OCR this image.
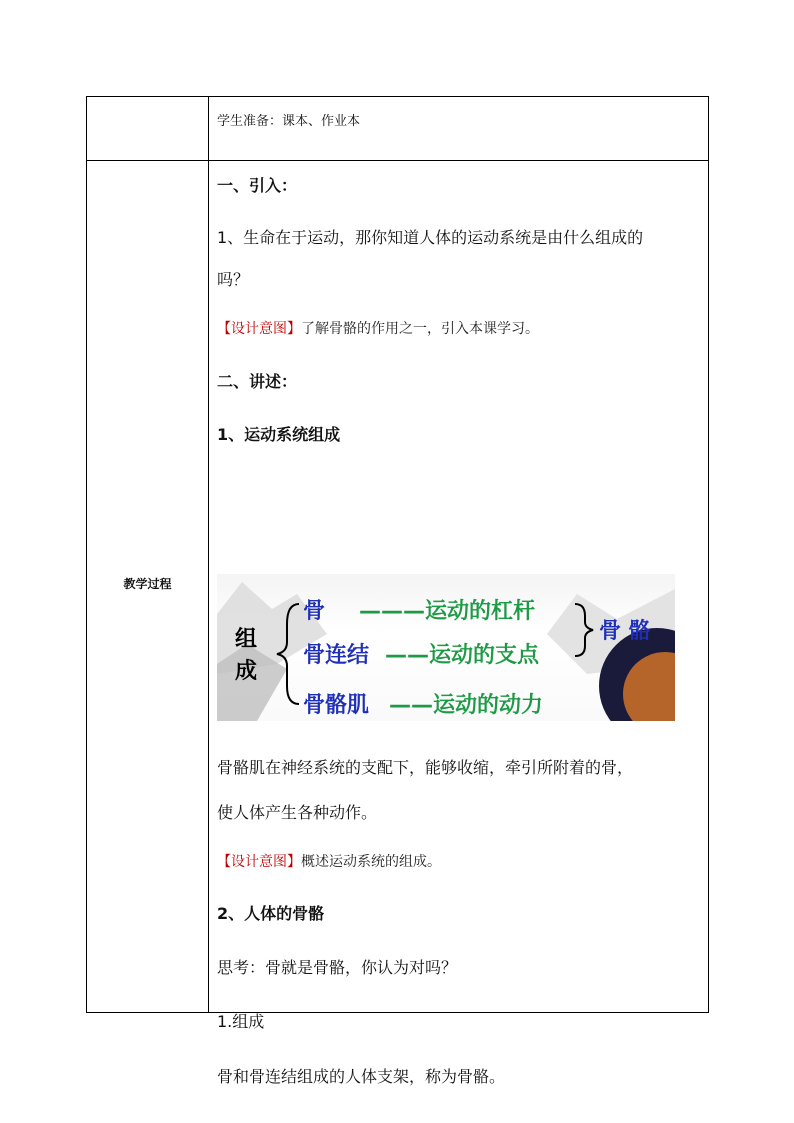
学生准备：课本、作业本
教学过程
一、引入：
1、生命在于运动，那你知道人体的运动系统是由什么组成的
吗？
【设计意图】了解骨骼的作用之一，引入本课学习。
二、讲述：
1、运动系统组成
组
成
骨 ———运动的杠杆
骨连结 ——运动的支点
骨骼肌 ——运动的动力
骨 骼
骨骼肌在神经系统的支配下，能够收缩，牵引所附着的骨，
使人体产生各种动作。
【设计意图】概述运动系统的组成。
2、人体的骨骼
思考：骨就是骨骼，你认为对吗？
1.组成
骨和骨连结组成的人体支架，称为骨骼。
